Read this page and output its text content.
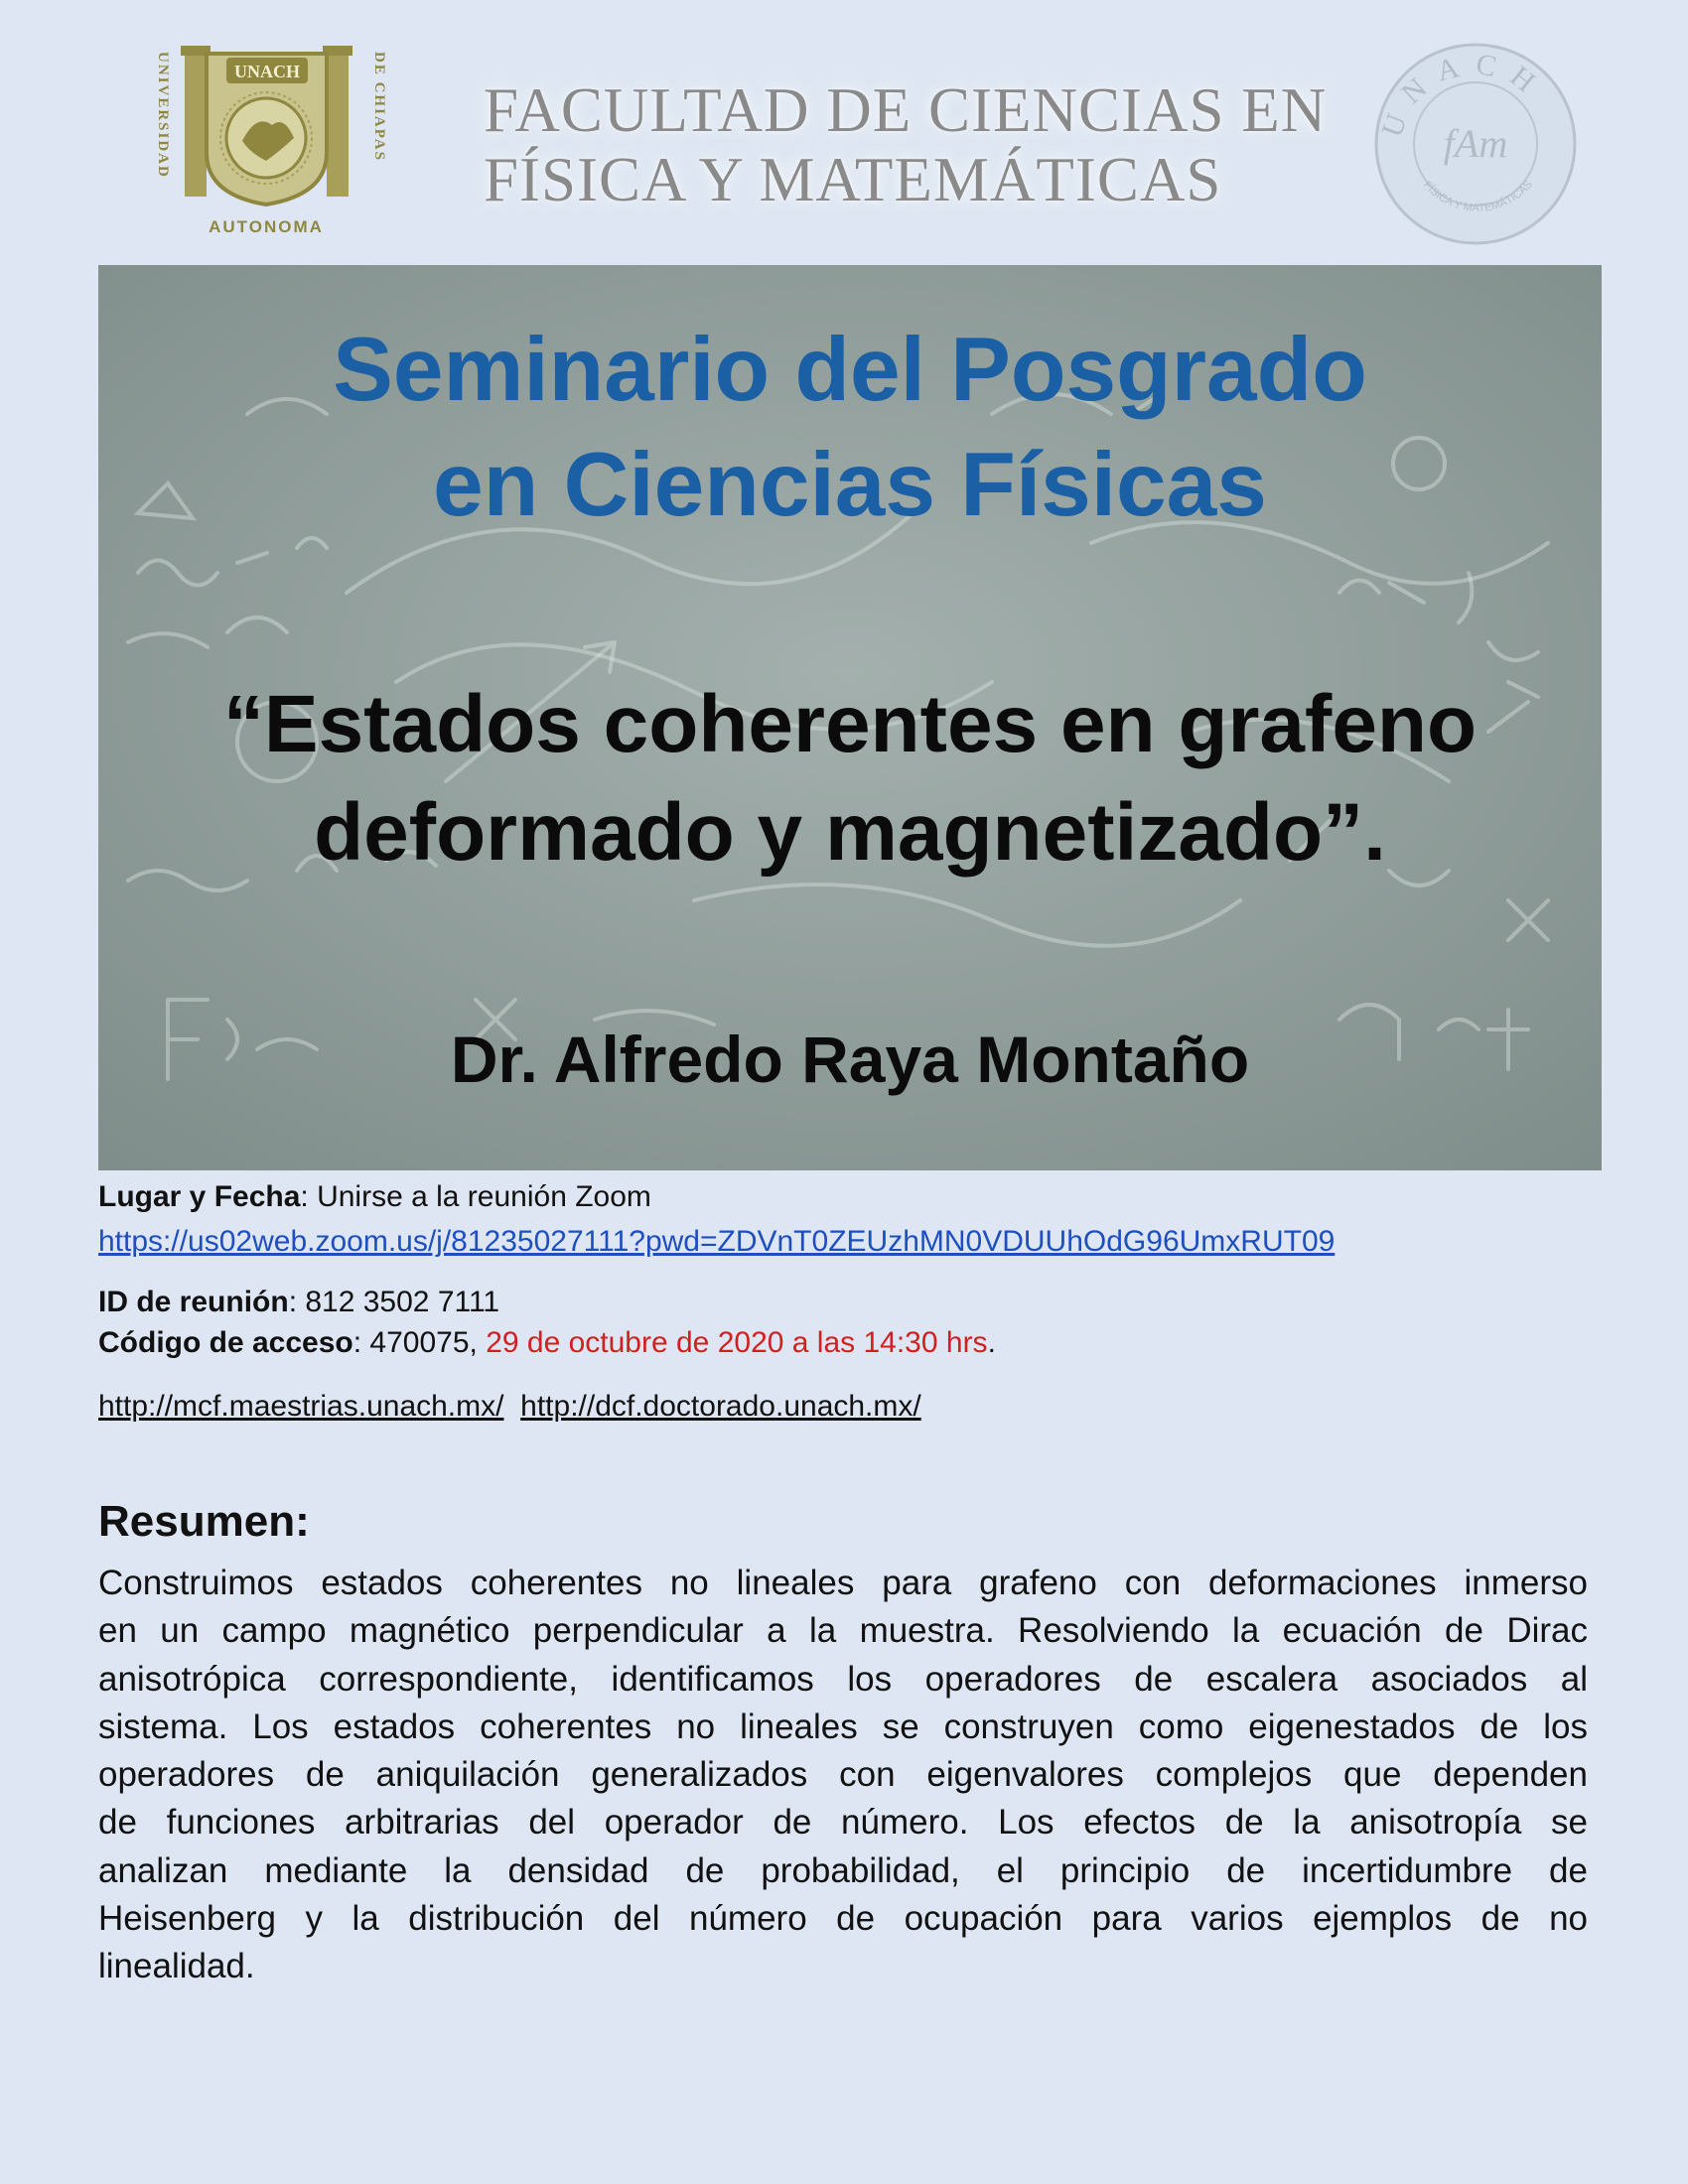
UNIVERSIDAD	DE CHIAPAS
UNACH
AUTONOMA
FACULTAD DE CIENCIAS EN
FÍSICA Y MATEMÁTICAS
UNACH
fAm
FÍSICA Y MATEMÁTICAS
Seminario del Posgrado
en Ciencias Físicas
“Estados coherentes en grafeno
deformado y magnetizado”.
Dr. Alfredo Raya Montaño
Lugar y Fecha: Unirse a la reunión Zoom
https://us02web.zoom.us/j/81235027111?pwd=ZDVnT0ZEUzhMN0VDUUhOdG96UmxRUT09
ID de reunión: 812 3502 7111
Código de acceso: 470075, 29 de octubre de 2020 a las 14:30 hrs.
http://mcf.maestrias.unach.mx/ http://dcf.doctorado.unach.mx/
Resumen:
Construimos estados coherentes no lineales para grafeno con deformaciones inmerso
en un campo magnético perpendicular a la muestra. Resolviendo la ecuación de Dirac
anisotrópica correspondiente, identificamos los operadores de escalera asociados al
sistema. Los estados coherentes no lineales se construyen como eigenestados de los
operadores de aniquilación generalizados con eigenvalores complejos que dependen
de funciones arbitrarias del operador de número. Los efectos de la anisotropía se
analizan mediante la densidad de probabilidad, el principio de incertidumbre de
Heisenberg y la distribución del número de ocupación para varios ejemplos de no
linealidad.
